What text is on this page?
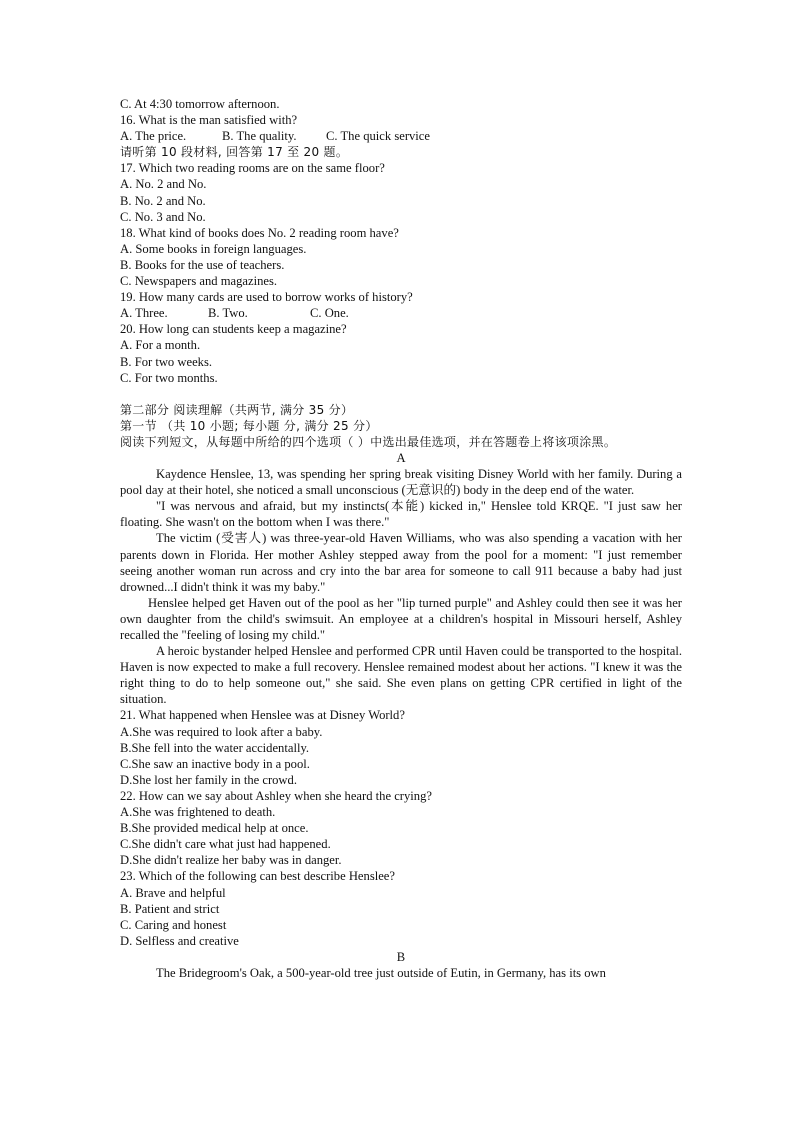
C. At 4:30 tomorrow afternoon.
16. What is the man satisfied with?
A. The price.	B. The quality. C. The quick service
请听第 10 段材料, 回答第 17 至 20 题。
17. Which two reading rooms are on the same floor?
A. No. 2 and No.
B. No. 2 and No.
C. No. 3 and No.
18. What kind of books does No. 2 reading room have?
A. Some books in foreign languages.
B. Books for the use of teachers.
C. Newspapers and magazines.
19. How many cards are used to borrow works of history?
A. Three.	B. Two.	C. One.
20. How long can students keep a magazine?
A. For a month.
B. For two weeks.
C. For two months.
第二部分 阅读理解（共两节, 满分 35 分）
第一节 （共 10 小题; 每小题 分, 满分 25 分）
阅读下列短文，从每题中所给的四个选项（ ）中选出最佳选项，并在答题卷上将该项涂黑。
A
Kaydence Henslee, 13, was spending her spring break visiting Disney World with her family. During a pool day at their hotel, she noticed a small unconscious (无意识的) body in the deep end of the water.
"I was nervous and afraid, but my instincts(本能) kicked in," Henslee told KRQE. "I just saw her floating. She wasn't on the bottom when I was there."
The victim (受害人) was three-year-old Haven Williams, who was also spending a vacation with her parents down in Florida. Her mother Ashley stepped away from the pool for a moment: "I just remember seeing another woman run across and cry into the bar area for someone to call 911 because a baby had just drowned...I didn't think it was my baby."
Henslee helped get Haven out of the pool as her "lip turned purple" and Ashley could then see it was her own daughter from the child's swimsuit. An employee at a children's hospital in Missouri herself, Ashley recalled the "feeling of losing my child."
A heroic bystander helped Henslee and performed CPR until Haven could be transported to the hospital. Haven is now expected to make a full recovery. Henslee remained modest about her actions. "I knew it was the right thing to do to help someone out," she said. She even plans on getting CPR certified in light of the situation.
21. What happened when Henslee was at Disney World?
A.She was required to look after a baby.
B.She fell into the water accidentally.
C.She saw an inactive body in a pool.
D.She lost her family in the crowd.
22. How can we say about Ashley when she heard the crying?
A.She was frightened to death.
B.She provided medical help at once.
C.She didn't care what just had happened.
D.She didn't realize her baby was in danger.
23. Which of the following can best describe Henslee?
A. Brave and helpful
B. Patient and strict
C. Caring and honest
D. Selfless and creative
B
The Bridegroom's Oak, a 500-year-old tree just outside of Eutin, in Germany, has its own
